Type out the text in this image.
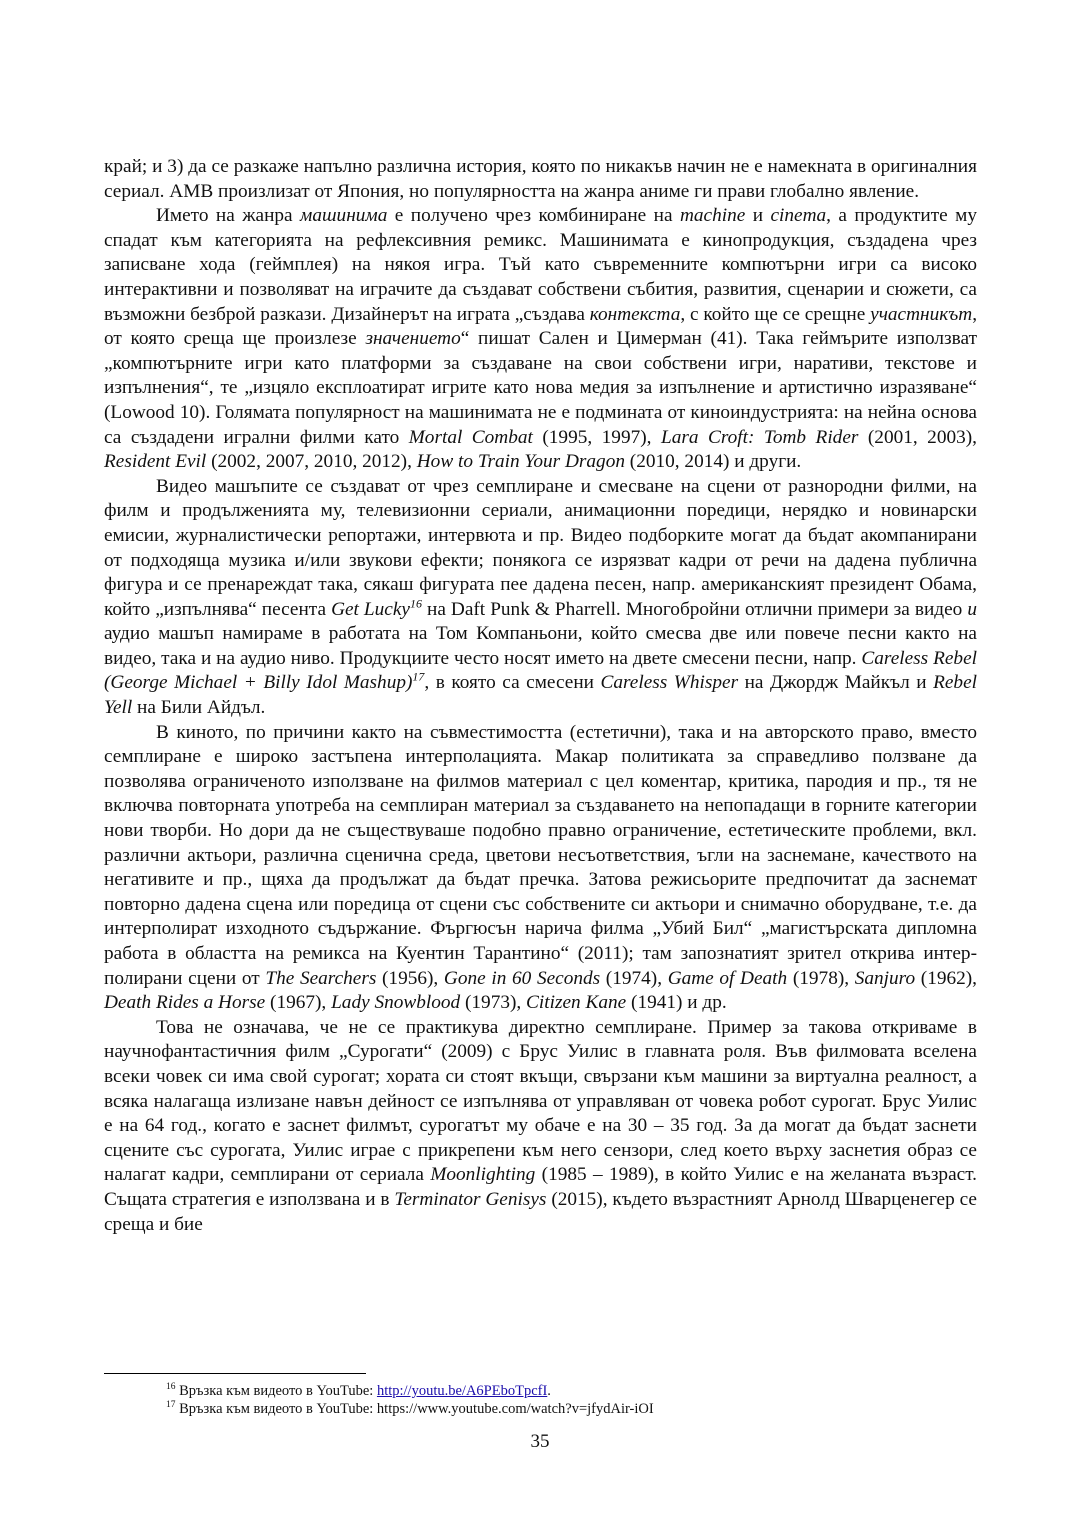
край; и 3) да се разкаже напълно различна история, която по никакъв начин не е намекната в оригиналния сериал. AMB произлизат от Япония, но популярността на жанра аниме ги прави глобално явление.

Името на жанра машинима е получено чрез комбиниране на machine и cinema, а продуктите му спадат към категорията на рефлексивния ремикс. Машинимата е кинопродукция, създадена чрез записване хода (геймплея) на някоя игра. Тъй като съвременните компютърни игри са високо интерактивни и позволяват на играчите да създават собствени събития, развития, сценарии и сюжети, са възможни безброй разкази. Дизайнерът на играта „създава контекста, с който ще се срещне участникът, от която среща ще произлезе значението“ пишат Сален и Цимерман (41). Така геймърите използват „компютърните игри като платформи за създаване на свои собствени игри, наративи, текстове и изпълнения“, те „изцяло експлоатират игрите като нова медия за изпълнение и артистично изразяване“ (Lowood 10). Голямата популярност на машинимата не е подмината от киноиндустрията: на нейна основа са създадени игрални филми като Mortal Combat (1995, 1997), Lara Croft: Tomb Rider (2001, 2003), Resident Evil (2002, 2007, 2010, 2012), How to Train Your Dragon (2010, 2014) и други.

Видео машъпите се създават от чрез семплиране и смесване на сцени от разнородни филми, на филм и продълженията му, телевизионни сериали, анимационни поредици, нерядко и новинарски емисии, журналистически репортажи, интервюта и пр. Видео подборките могат да бъдат акомпанирани от подходяща музика и/или звукови ефекти; понякога се изрязват кадри от речи на дадена публична фигура и се пренареждат така, сякаш фигурата пее дадена песен, напр. американският президент Обама, който „изпълнява“ песента Get Lucky$^{16}$ на Daft Punk & Pharrell. Многобройни отлични примери за видео и аудио машъп намираме в работата на Том Компаньони, който смесва две или повече песни както на видео, така и на аудио ниво. Продукциите често носят името на двете смесени песни, напр. Careless Rebel (George Michael + Billy Idol Mashup)$^{17}$, в която са смесени Careless Whisper на Джордж Майкъл и Rebel Yell на Били Айдъл.

В киното, по причини както на съвместимостта (естетични), така и на авторското право, вместо семплиране е широко застъпена интерполацията. Макар политиката за справедливо ползване да позволява ограниченото използване на филмов материал с цел коментар, критика, пародия и пр., тя не включва повторната употреба на семплиран материал за създаването на непопадащи в горните категории нови творби. Но дори да не съществуваше подобно правно ограничение, естетическите проблеми, вкл. различни актьори, различна сценична среда, цветови несъответствия, ъгли на заснемане, качеството на негативите и пр., щяха да продължат да бъдат пречка. Затова режисьорите предпочитат да заснемат повторно дадена сцена или поредица от сцени със собствените си актьори и снимачно оборудване, т.е. да интерполират изходното съдържание. Фъргюсън нарича филма „Убий Бил“ „магистърската дипломна работа в областта на ремикса на Куентин Тарантино“ (2011); там запознатият зрител открива интерполирани сцени от The Searchers (1956), Gone in 60 Seconds (1974), Game of Death (1978), Sanjuro (1962), Death Rides a Horse (1967), Lady Snowblood (1973), Citizen Kane (1941) и др.

Това не означава, че не се практикува директно семплиране. Пример за такова откриваме в научнофантастичния филм „Сурогати“ (2009) с Брус Уилис в главната роля. Във филмовата вселена всеки човек си има свой сурогат; хората си стоят вкъщи, свързани към машини за виртуална реалност, а всяка налагаща излизане навън дейност се изпълнява от управляван от човека робот сурогат. Брус Уилис е на 64 год., когато е заснет филмът, сурогатът му обаче е на 30 – 35 год. За да могат да бъдат заснети сцените със сурогата, Уилис играе с прикрепени към него сензори, след което върху заснетия образ се налагат кадри, семплирани от сериала Moonlighting (1985 – 1989), в който Уилис е на желаната възраст. Същата стратегия е използвана и в Terminator Genisys (2015), където възрастният Арнолд Шварценегер се среща и бие

$^{16}$ Връзка към видеото в YouTube: http://youtu.be/A6PEboTpcfI.
$^{17}$ Връзка към видеото в YouTube: https://www.youtube.com/watch?v=jfydAir-iOI
35
